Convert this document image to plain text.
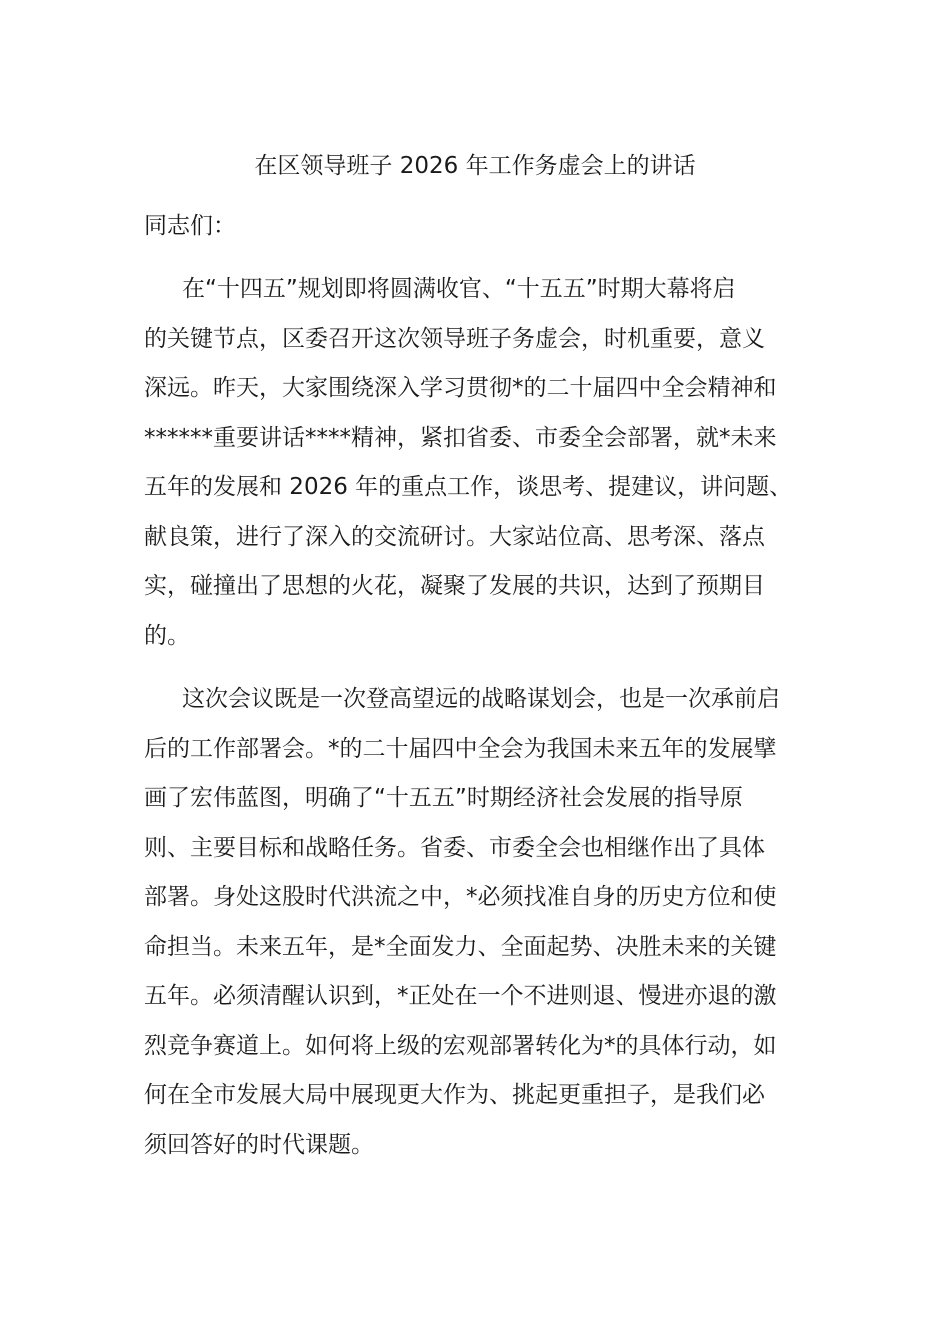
在区领导班子 2026 年工作务虚会上的讲话
同志们：
在“十四五”规划即将圆满收官、“十五五”时期大幕将启
的关键节点，区委召开这次领导班子务虚会，时机重要，意义
深远。昨天，大家围绕深入学习贯彻*的二十届四中全会精神和
******重要讲话****精神，紧扣省委、市委全会部署，就*未来
五年的发展和 2026 年的重点工作，谈思考、提建议，讲问题、
献良策，进行了深入的交流研讨。大家站位高、思考深、落点
实，碰撞出了思想的火花，凝聚了发展的共识，达到了预期目
的。
这次会议既是一次登高望远的战略谋划会，也是一次承前启
后的工作部署会。*的二十届四中全会为我国未来五年的发展擘
画了宏伟蓝图，明确了“十五五”时期经济社会发展的指导原
则、主要目标和战略任务。省委、市委全会也相继作出了具体
部署。身处这股时代洪流之中，*必须找准自身的历史方位和使
命担当。未来五年，是*全面发力、全面起势、决胜未来的关键
五年。必须清醒认识到，*正处在一个不进则退、慢进亦退的激
烈竞争赛道上。如何将上级的宏观部署转化为*的具体行动，如
何在全市发展大局中展现更大作为、挑起更重担子，是我们必
须回答好的时代课题。
